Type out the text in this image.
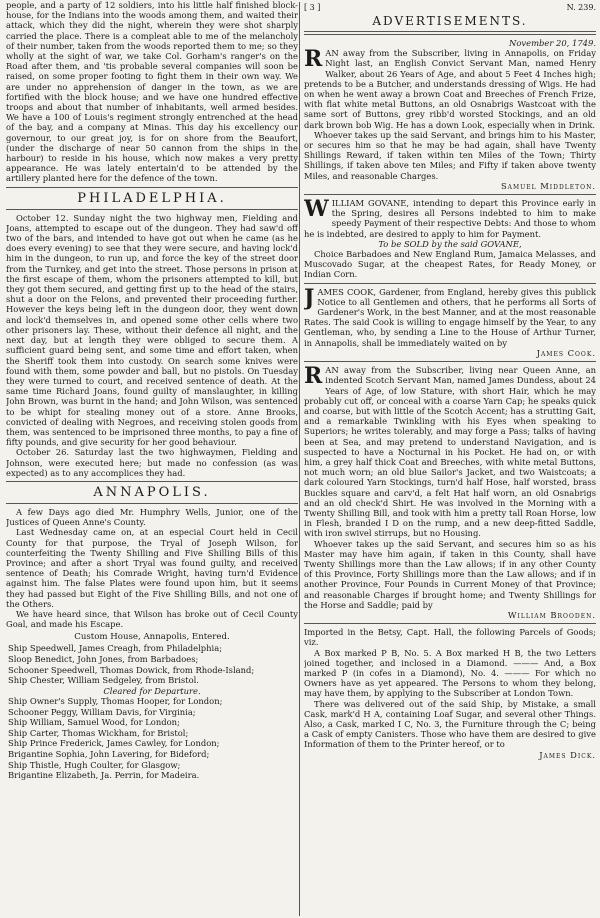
people, and a party of 12 soldiers, into his little half finished block-house, for the Indians into the woods among them, and waited their attack, which they did the night, wherein they were shot sharply carried the place. There is a compleat able to me of the melancholy of their number, taken from the woods reported them to me; so they wholly at the sight of war, we take Col. Gorham's ranger's on the Road after them, and 'tis probable several companies will soon be raised, on some proper footing to fight them in their own way. We are under no apprehension of danger in the town, as we are fortified with the block house; and we have one hundred effective troops and about that number of inhabitants, well armed besides. We have a 100 of Louis's regiment strongly entrenched at the head of the bay, and a company at Minas. This day his excellency our governour, to our great joy, is for on shore from the Beaufort, (under the discharge of near 50 cannon from the ships in the harbour) to reside in his house, which now makes a very pretty appearance. He was lately entertain'd to be attended by the artillery planted here for the defence of the town.

PHILADELPHIA.

October 12. Sunday night the two highway men, Fielding and Joans, attempted to escape out of the dungeon. They had saw'd off two of the bars, and intended to have got out when he came (as he does every evening) to see that they were secure, and having lock'd him in the dungeon, to run up, and force the key of the street door from the Turnkey, and get into the street. Those persons in prison at the first escape of them, whom the prisoners attempted to kill, but they got them secured, and getting first up to the head of the stairs, shut a door on the Felons, and prevented their proceeding further. However the keys being left in the dungeon door, they went down and lock'd themselves in, and opened some other cells where two other prisoners lay. These, without their defence all night, and the next day, but at length they were obliged to secure them. A sufficient guard being sent, and some time and effort taken, when the Sheriff took them into custody. On search some knives were found with them, some powder and ball, but no pistols. On Tuesday they were turned to court, and received sentence of death. At the same time Richard Joans, found guilty of manslaughter, in killing John Brown, was burnt in the hand; and John Wilson, was sentenced to be whipt for stealing money out of a store. Anne Brooks, convicted of dealing with Negroes, and receiving stolen goods from them, was sentenced to be imprisoned three months, to pay a fine of fifty pounds, and give security for her good behaviour.

October 26. Saturday last the two highwaymen, Fielding and Johnson, were executed here; but made no confession (as was expected) as to any accomplices they had.

ANNAPOLIS.

A few Days ago died Mr. Humphry Wells, Junior, one of the Justices of Queen Anne's County.

Last Wednesday came on, at an especial Court held in Cecil County for that purpose, the Tryal of Joseph Wilson, for counterfeiting the Twenty Shilling and Five Shilling Bills of this Province; and after a short Tryal was found guilty, and received sentence of Death; his Comrade Wright, having turn'd Evidence against him. The false Plates were found upon him, but it seems they had passed but Eight of the Five Shilling Bills, and not one of the Others.

We have heard since, that Wilson has broke out of Cecil County Goal, and made his Escape.

Custom House, Annapolis, Entered.
Ship Speedwell, James Creagh, from Philadelphia;
Sloop Benedict, John Jones, from Barbadoes;
Schooner Speedwell, Thomas Dowick, from Rhode-Island;
Ship Chester, William Sedgeley, from Bristol.
Cleared for Departure.
Ship Owner's Supply, Thomas Hooper, for London;
Schooner Peggy, William Davis, for Virginia;
Ship William, Samuel Wood, for London;
Ship Carter, Thomas Wickham, for Bristol;
Ship Prince Frederick, James Cawley, for London;
Brigantine Sophia, John Lavering, for Bideford;
Ship Thistle, Hugh Coulter, for Glasgow;
Brigantine Elizabeth, Ja. Perrin, for Madeira.
[ 3 ]	N. 239.
ADVERTISEMENTS.
November 20, 1749.

RAN away from the Subscriber, living in Annapolis, on Friday Night last, an English Convict Servant Man, named Henry Walker, about 26 Years of Age, and about 5 Feet 4 Inches high; pretends to be a Butcher, and understands dressing of Wigs. He had on when he went away a brown Coat and Breeches of French Frize, with flat white metal Buttons, an old Osnabrigs Wastcoat with the same sort of Buttons, grey ribb'd worsted Stockings, and an old dark brown bob Wig. He has a down Look, especially when in Drink.

Whoever takes up the said Servant, and brings him to his Master, or secures him so that he may be had again, shall have Twenty Shillings Reward, if taken within ten Miles of the Town; Thirty Shillings, if taken above ten Miles; and Fifty if taken above twenty Miles, and reasonable Charges.

Samuel Middleton.

WILLIAM GOVANE, intending to depart this Province early in the Spring, desires all Persons indebted to him to make speedy Payment of their respective Debts: And those to whom he is indebted, are desired to apply to him for Payment.

To be SOLD by the said GOVANE,

Choice Barbadoes and New England Rum, Jamaica Melasses, and Muscovado Sugar, at the cheapest Rates, for Ready Money, or Indian Corn.

JAMES COOK, Gardener, from England, hereby gives this publick Notice to all Gentlemen and others, that he performs all Sorts of Gardener's Work, in the best Manner, and at the most reasonable Rates. The said Cook is willing to engage himself by the Year, to any Gentleman, who, by sending a Line to the House of Arthur Turner, in Annapolis, shall be immediately waited on by

James Cook.

RAN away from the Subscriber, living near Queen Anne, an indented Scotch Servant Man, named James Dundess, about 24 Years of Age, of low Stature, with short Hair, which he may probably cut off, or conceal with a coarse Yarn Cap; he speaks quick and coarse, but with little of the Scotch Accent; has a strutting Gait, and a remarkable Twinkling with his Eyes when speaking to Superiors; he writes tolerably, and may forge a Pass; talks of having been at Sea, and may pretend to understand Navigation, and is suspected to have a Nocturnal in his Pocket. He had on, or with him, a grey half thick Coat and Breeches, with white metal Buttons, not much worn; an old blue Sailor's Jacket, and two Waistcoats; a dark coloured Yarn Stockings, turn'd half Hose, half worsted, brass Buckles square and carv'd, a felt Hat half worn, an old Osnabrigs and an old check'd Shirt. He was involved in the Morning with a Twenty Shilling Bill, and took with him a pretty tall Roan Horse, low in Flesh, branded I D on the rump, and a new deep-fitted Saddle, with iron swivel stirrups, but no Housing.

Whoever takes up the said Servant, and secures him so as his Master may have him again, if taken in this County, shall have Twenty Shillings more than the Law allows; if in any other County of this Province, Forty Shillings more than the Law allows; and if in another Province, Four Pounds in Current Money of that Province; and reasonable Charges if brought home; and Twenty Shillings for the Horse and Saddle; paid by

William Brooden.

Imported in the Betsy, Capt. Hall, the following Parcels of Goods; viz.

A Box marked P B, No. 5. A Box marked H B, the two Letters joined together, and inclosed in a Diamond. ——— And, a Box marked P (in cofes in a Diamond), No. 4. ——— For which no Owners have as yet appeared. The Persons to whom they belong, may have them, by applying to the Subscriber at London Town.

There was delivered out of the said Ship, by Mistake, a small Cask, mark'd H A, containing Loaf Sugar, and several other Things. Also, a Cask, marked I C, No. 3, the Furniture through the C; being a Cask of empty Canisters. Those who have them are desired to give Information of them to the Printer hereof, or to

James Dick.
